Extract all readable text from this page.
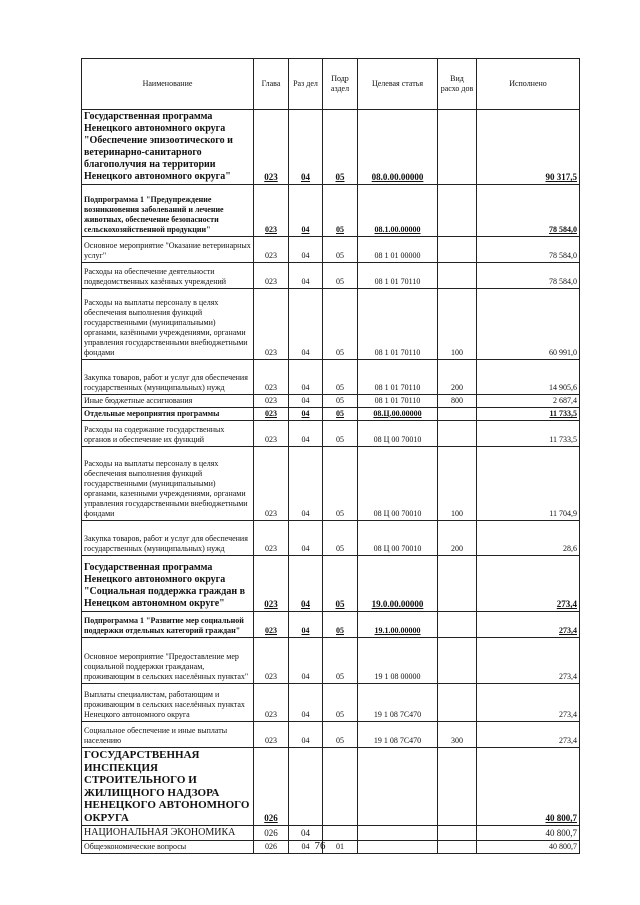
Наименование	Глава	Раз дел	Подр аздел	Целевая статья	Вид расхо дов	Исполнено
Государственная программа Ненецкого автономного округа "Обеспечение эпизоотического и ветеринарно-санитарного благополучия на территории Ненецкого автономного округа"	023	04	05	08.0.00.00000		90 317,5
Подпрограмма 1 "Предупреждение возникновения заболеваний и лечение животных, обеспечение безопасности сельскохозяйственной продукции"	023	04	05	08.1.00.00000		78 584,0
Основное мероприятие "Оказание ветеринарных услуг"	023	04	05	08 1 01 00000		78 584,0
Расходы на обеспечение деятельности подведомственных казённых учреждений	023	04	05	08 1 01 70110		78 584,0
Расходы на выплаты персоналу в целях обеспечения выполнения функций государственными (муниципальными) органами, казёнными учреждениями, органами управления государственными внебюджетными фондами	023	04	05	08 1 01 70110	100	60 991,0
Закупка товаров, работ и услуг для обеспечения государственных (муниципальных) нужд	023	04	05	08 1 01 70110	200	14 905,6
Иные бюджетные ассигнования	023	04	05	08 1 01 70110	800	2 687,4
Отдельные мероприятия программы	023	04	05	08.Ц.00.00000		11 733,5
Расходы на содержание государственных органов и обеспечение их функций	023	04	05	08 Ц 00 70010		11 733,5
Расходы на выплаты персоналу в целях обеспечения выполнения функций государственными (муниципальными) органами, казенными учреждениями, органами управления государственными внебюджетными фондами	023	04	05	08 Ц 00 70010	100	11 704,9
Закупка товаров, работ и услуг для обеспечения государственных (муниципальных) нужд	023	04	05	08 Ц 00 70010	200	28,6
Государственная программа Ненецкого автономного округа "Социальная поддержка граждан в Ненецком автономном округе"	023	04	05	19.0.00.00000		273,4
Подпрограмма 1 "Развитие мер социальной поддержки отдельных категорий граждан"	023	04	05	19.1.00.00000		273,4
Основное мероприятие "Предоставление мер социальной поддержки гражданам, проживающим в сельских населённых пунктах"	023	04	05	19 1 08 00000		273,4
Выплаты специалистам, работающим и проживающим в сельских населённых пунктах Ненецкого автономного округа	023	04	05	19 1 08 7С470		273,4
Социальное обеспечение и иные выплаты населению	023	04	05	19 1 08 7С470	300	273,4
ГОСУДАРСТВЕННАЯ ИНСПЕКЦИЯ СТРОИТЕЛЬНОГО И ЖИЛИЩНОГО НАДЗОРА НЕНЕЦКОГО АВТОНОМНОГО ОКРУГА	026					40 800,7
НАЦИОНАЛЬНАЯ ЭКОНОМИКА	026	04				40 800,7
Общеэкономические вопросы	026	04	01			40 800,7
76
